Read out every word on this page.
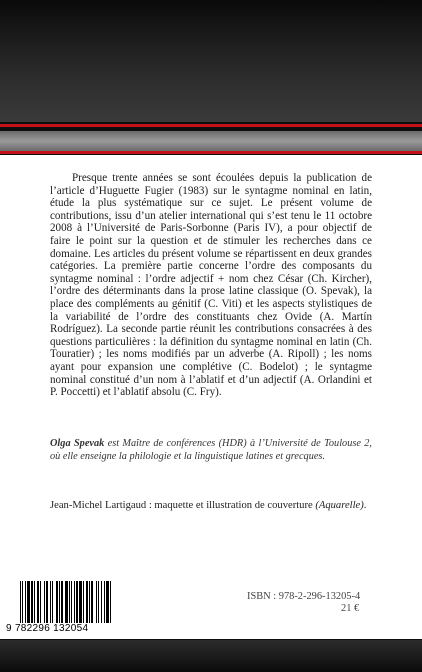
Presque trente années se sont écoulées depuis la publication de l’article d’Huguette Fugier (1983) sur le syntagme nominal en latin, étude la plus systématique sur ce sujet. Le présent volume de contributions, issu d’un atelier international qui s’est tenu le 11 octobre 2008 à l’Université de Paris-Sorbonne (Paris IV), a pour objectif de faire le point sur la question et de stimuler les recherches dans ce domaine. Les articles du présent volume se répartissent en deux grandes catégories. La première partie concerne l’ordre des composants du syntagme nominal : l’ordre adjectif + nom chez César (Ch. Kircher), l’ordre des déterminants dans la prose latine classique (O. Spevak), la place des compléments au génitif (C. Viti) et les aspects stylistiques de la variabilité de l’ordre des constituants chez Ovide (A. Martín Rodríguez). La seconde partie réunit les contributions consacrées à des questions particulières : la définition du syntagme nominal en latin (Ch. Touratier) ; les noms modifiés par un adverbe (A. Ripoll) ; les noms ayant pour expansion une complétive (C. Bodelot) ; le syntagme nominal constitué d’un nom à l’ablatif et d’un adjectif (A. Orlandini et P. Poccetti) et l’ablatif absolu (C. Fry).

Olga Spevak est Maître de conférences (HDR) à l’Université de Toulouse 2, où elle enseigne la philologie et la linguistique latines et grecques.

Jean-Michel Lartigaud : maquette et illustration de couverture (Aquarelle).

9 782296 132054
ISBN : 978-2-296-13205-4
21 €
